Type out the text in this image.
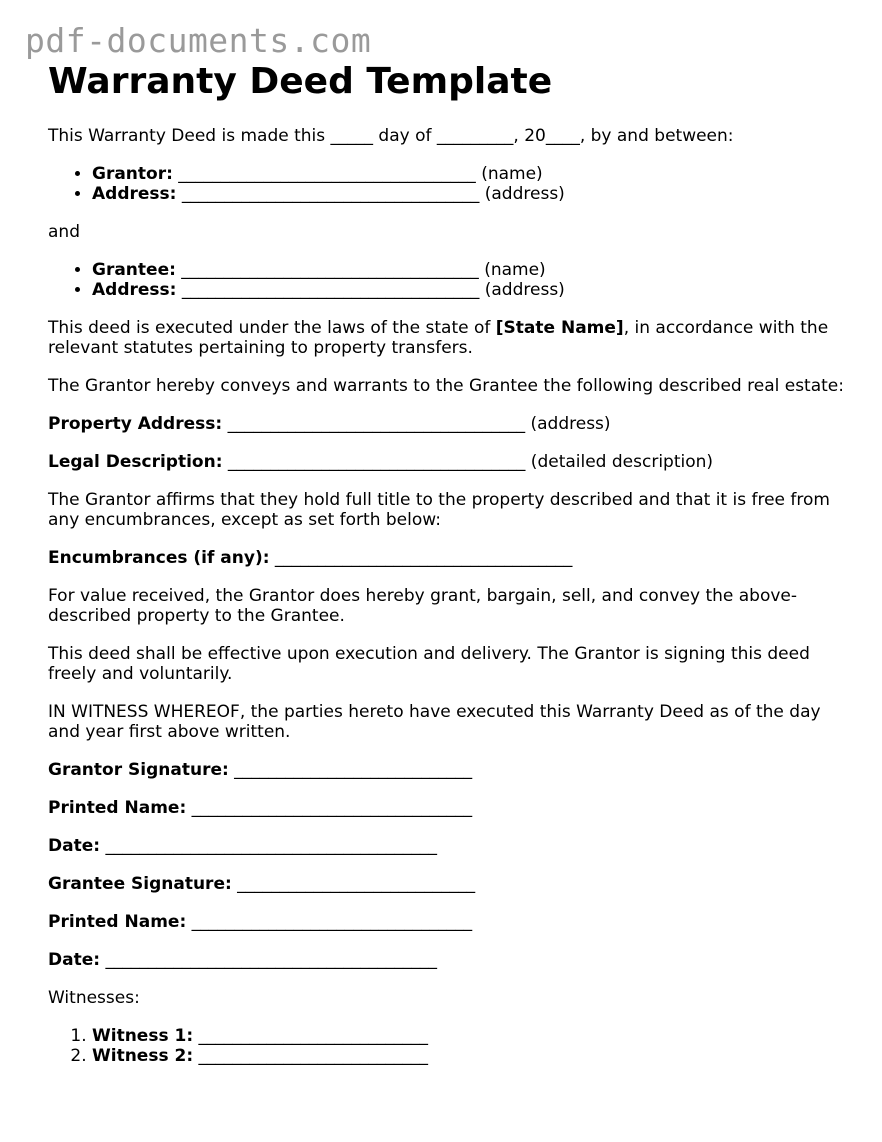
pdf-documents.com
Warranty Deed Template

This Warranty Deed is made this _____ day of _________, 20____, by and between:

• Grantor: ___________________________________ (name)
• Address: ___________________________________ (address)

and

• Grantee: ___________________________________ (name)
• Address: ___________________________________ (address)

This deed is executed under the laws of the state of [State Name], in accordance with the relevant statutes pertaining to property transfers.

The Grantor hereby conveys and warrants to the Grantee the following described real estate:

Property Address: ___________________________________ (address)

Legal Description: ___________________________________ (detailed description)

The Grantor affirms that they hold full title to the property described and that it is free from any encumbrances, except as set forth below:

Encumbrances (if any): ___________________________________

For value received, the Grantor does hereby grant, bargain, sell, and convey the above-described property to the Grantee.

This deed shall be effective upon execution and delivery. The Grantor is signing this deed freely and voluntarily.

IN WITNESS WHEREOF, the parties hereto have executed this Warranty Deed as of the day and year first above written.

Grantor Signature: ____________________________

Printed Name: _________________________________

Date: _______________________________________

Grantee Signature: ____________________________

Printed Name: _________________________________

Date: _______________________________________

Witnesses:

1. Witness 1: ___________________________
2. Witness 2: ___________________________
